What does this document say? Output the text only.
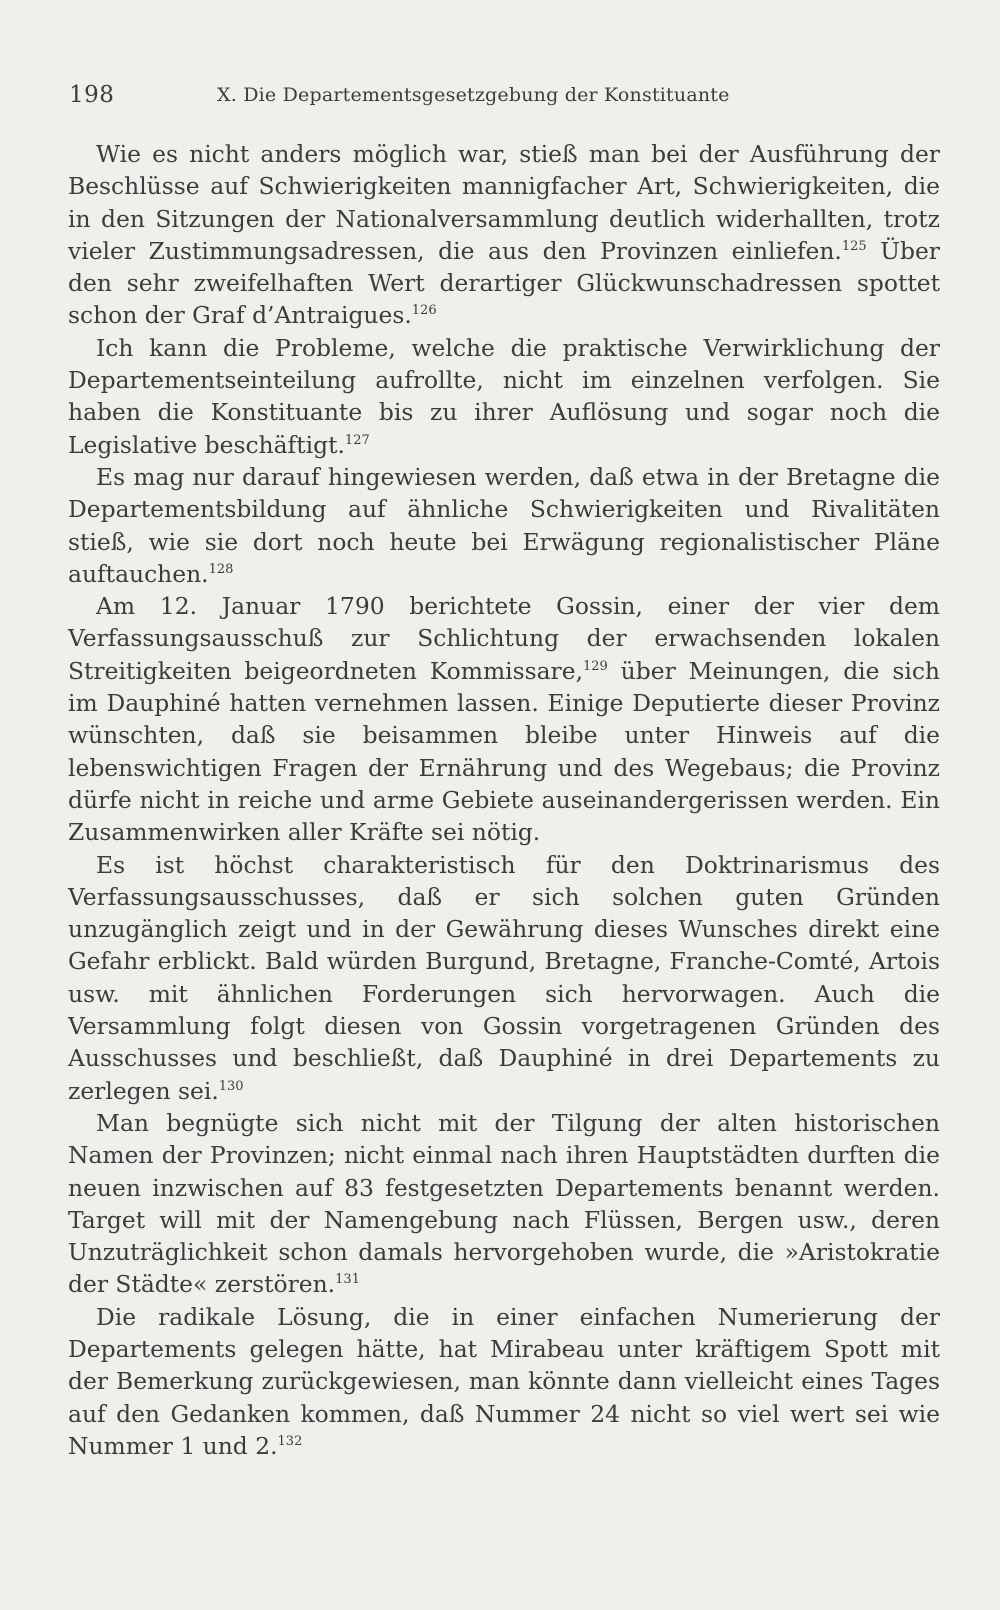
198	X. Die Departementsgesetzgebung der Konstituante

Wie es nicht anders möglich war, stieß man bei der Ausführung der Beschlüsse auf Schwierigkeiten mannigfacher Art, Schwierigkeiten, die in den Sitzungen der Nationalversammlung deutlich widerhallten, trotz vieler Zustimmungsadressen, die aus den Provinzen einliefen.$^{125}$ Über den sehr zweifelhaften Wert derartiger Glückwunschadressen spottet schon der Graf d’Antraigues.$^{126}$

Ich kann die Probleme, welche die praktische Verwirklichung der Departementseinteilung aufrollte, nicht im einzelnen verfolgen. Sie haben die Konstituante bis zu ihrer Auflösung und sogar noch die Legislative beschäftigt.$^{127}$

Es mag nur darauf hingewiesen werden, daß etwa in der Bretagne die Departementsbildung auf ähnliche Schwierigkeiten und Rivalitäten stieß, wie sie dort noch heute bei Erwägung regionalistischer Pläne auftauchen.$^{128}$

Am 12. Januar 1790 berichtete Gossin, einer der vier dem Verfassungsausschuß zur Schlichtung der erwachsenden lokalen Streitigkeiten beigeordneten Kommissare,$^{129}$ über Meinungen, die sich im Dauphiné hatten vernehmen lassen. Einige Deputierte dieser Provinz wünschten, daß sie beisammen bleibe unter Hinweis auf die lebenswichtigen Fragen der Ernährung und des Wegebaus; die Provinz dürfe nicht in reiche und arme Gebiete auseinandergerissen werden. Ein Zusammenwirken aller Kräfte sei nötig.

Es ist höchst charakteristisch für den Doktrinarismus des Verfassungsausschusses, daß er sich solchen guten Gründen unzugänglich zeigt und in der Gewährung dieses Wunsches direkt eine Gefahr erblickt. Bald würden Burgund, Bretagne, Franche-Comté, Artois usw. mit ähnlichen Forderungen sich hervorwagen. Auch die Versammlung folgt diesen von Gossin vorgetragenen Gründen des Ausschusses und beschließt, daß Dauphiné in drei Departements zu zerlegen sei.$^{130}$

Man begnügte sich nicht mit der Tilgung der alten historischen Namen der Provinzen; nicht einmal nach ihren Hauptstädten durften die neuen inzwischen auf 83 festgesetzten Departements benannt werden. Target will mit der Namengebung nach Flüssen, Bergen usw., deren Unzuträglichkeit schon damals hervorgehoben wurde, die »Aristokratie der Städte« zerstören.$^{131}$

Die radikale Lösung, die in einer einfachen Numerierung der Departements gelegen hätte, hat Mirabeau unter kräftigem Spott mit der Bemerkung zurückgewiesen, man könnte dann vielleicht eines Tages auf den Gedanken kommen, daß Nummer 24 nicht so viel wert sei wie Nummer 1 und 2.$^{132}$
